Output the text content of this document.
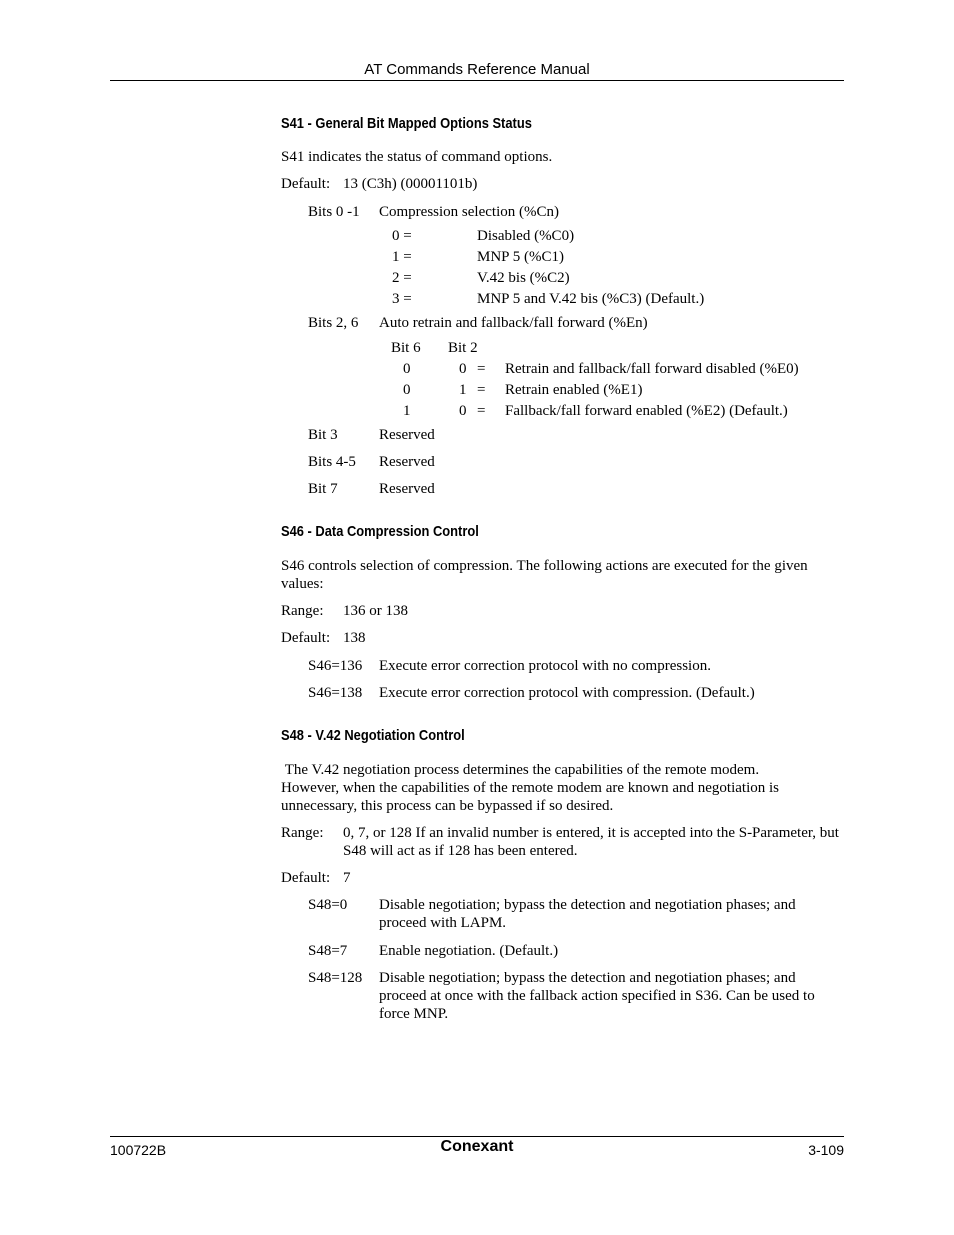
AT Commands Reference Manual
S41 - General Bit Mapped Options Status
S41 indicates the status of command options.
Default: 13 (C3h) (00001101b)
Bits 0 -1 Compression selection (%Cn)
0 =	Disabled (%C0)
1 =	MNP 5 (%C1)
2 =	V.42 bis (%C2)
3 =	MNP 5 and V.42 bis (%C3) (Default.)
Bits 2, 6 Auto retrain and fallback/fall forward (%En)
Bit 6 Bit 2
0	0 = Retrain and fallback/fall forward disabled (%E0)
0	1 = Retrain enabled (%E1)
1	0 = Fallback/fall forward enabled (%E2) (Default.)
Bit 3	Reserved
Bits 4-5 Reserved
Bit 7	Reserved
S46 - Data Compression Control
S46 controls selection of compression. The following actions are executed for the given values:
Range: 136 or 138
Default: 138
S46=136 Execute error correction protocol with no compression.
S46=138 Execute error correction protocol with compression. (Default.)
S48 - V.42 Negotiation Control
The V.42 negotiation process determines the capabilities of the remote modem. However, when the capabilities of the remote modem are known and negotiation is unnecessary, this process can be bypassed if so desired.
Range: 0, 7, or 128 If an invalid number is entered, it is accepted into the S-Parameter, but S48 will act as if 128 has been entered.
Default: 7
S48=0 Disable negotiation; bypass the detection and negotiation phases; and proceed with LAPM.
S48=7 Enable negotiation. (Default.)
S48=128 Disable negotiation; bypass the detection and negotiation phases; and proceed at once with the fallback action specified in S36. Can be used to force MNP.
100722B	Conexant	3-109
